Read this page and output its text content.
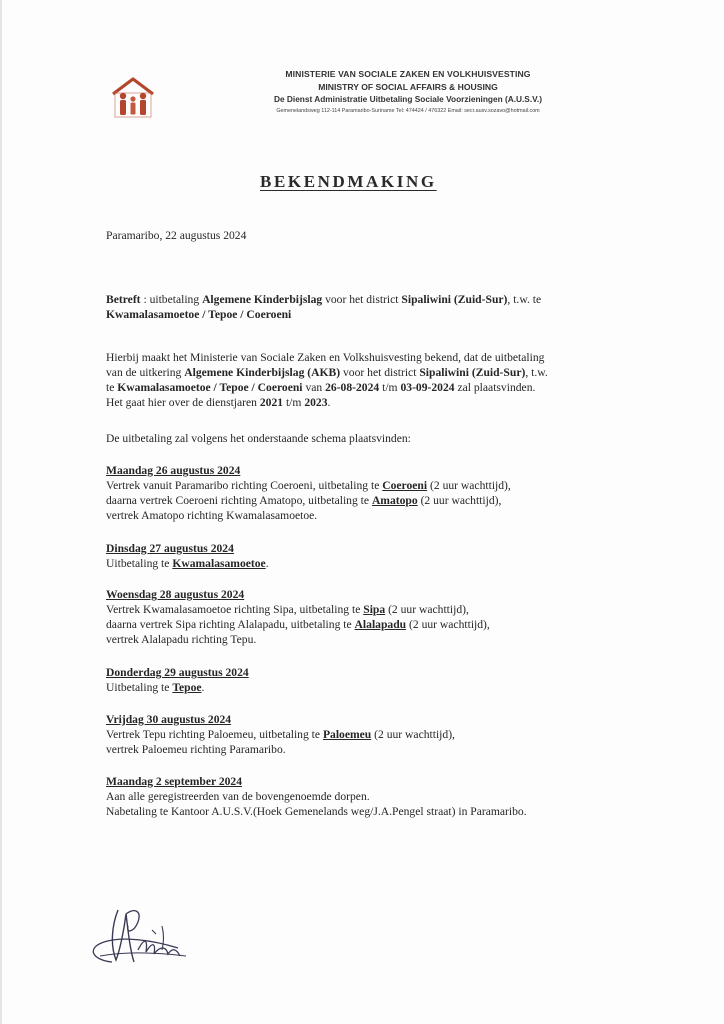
MINISTERIE VAN SOCIALE ZAKEN EN VOLKHUISVESTING
MINISTRY OF SOCIAL AFFAIRS & HOUSING
De Dienst Administratie Uitbetaling Sociale Voorzieningen (A.U.S.V.)
Gemenelandsweg 112-114 Paramaribo-Suriname Tel: 474424 / 476322 Email: secr.ausv.sozavo@hotmail.com
BEKENDMAKING

Paramaribo, 22 augustus 2024

Betreft : uitbetaling Algemene Kinderbijslag voor het district Sipaliwini (Zuid-Sur), t.w. te

Kwamalasamoetoe / Tepoe / Coeroeni

Hierbij maakt het Ministerie van Sociale Zaken en Volkshuisvesting bekend, dat de uitbetaling

van de uitkering Algemene Kinderbijslag (AKB) voor het district Sipaliwini (Zuid-Sur), t.w.

te Kwamalasamoetoe / Tepoe / Coeroeni van 26-08-2024 t/m 03-09-2024 zal plaatsvinden.

Het gaat hier over de dienstjaren 2021 t/m 2023.

De uitbetaling zal volgens het onderstaande schema plaatsvinden:

Maandag 26 augustus 2024

Vertrek vanuit Paramaribo richting Coeroeni, uitbetaling te Coeroeni (2 uur wachttijd),

daarna vertrek Coeroeni richting Amatopo, uitbetaling te Amatopo (2 uur wachttijd),

vertrek Amatopo richting Kwamalasamoetoe.

Dinsdag 27 augustus 2024

Uitbetaling te Kwamalasamoetoe.

Woensdag 28 augustus 2024

Vertrek Kwamalasamoetoe richting Sipa, uitbetaling te Sipa (2 uur wachttijd),

daarna vertrek Sipa richting Alalapadu, uitbetaling te Alalapadu (2 uur wachttijd),

vertrek Alalapadu richting Tepu.

Donderdag 29 augustus 2024

Uitbetaling te Tepoe.

Vrijdag 30 augustus 2024

Vertrek Tepu richting Paloemeu, uitbetaling te Paloemeu (2 uur wachttijd),

vertrek Paloemeu richting Paramaribo.

Maandag 2 september 2024

Aan alle geregistreerden van de bovengenoemde dorpen.

Nabetaling te Kantoor A.U.S.V.(Hoek Gemenelands weg/J.A.Pengel straat) in Paramaribo.
